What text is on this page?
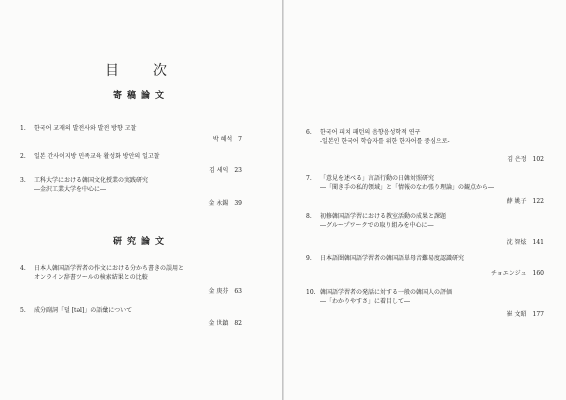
目　次
寄稿論文
1.	한국어 교재의 발전사와 발전 방향 고찰
박 혜석 7
2.	일본 간사이지방 민족교육 활성화 방안의 일고찰
김 세익 23
3.	工科大学における韓国文化授業の実践研究
―金沢工業大学を中心に―
金 永錫 39
研究論文
4.	日本人韓国語学習者の作文における分かち書きの誤用と
オンライン辞書ツールの検索結果との比較
金 庚芬 63
5.	成分副詞「덜 [təl]」の語彙について
金 世鎮 82
6.	한국어 피치 패턴의 음향음성학적 연구
-일본인 한국어 학습자를 위한 한자어를 중심으로-
김 은정 102
7.	「意見を述べる」言語行動の日韓対照研究
―「聞き手の私的領域」と「情報のなわ張り理論」の観点から―
薛 姚子 122
8.	初修韓国語学習における教室活動の成果と課題
―グループワークでの取り組みを中心に―
沈 智炫 141
9.	日本語圏韓国語学習者の韓国語単母音難易度認識研究
チョエンジュ 160
10. 韓国語学習者の発話に対する一般の韓国人の評価
―「わかりやすさ」に着目して―
崔 文昭 177
